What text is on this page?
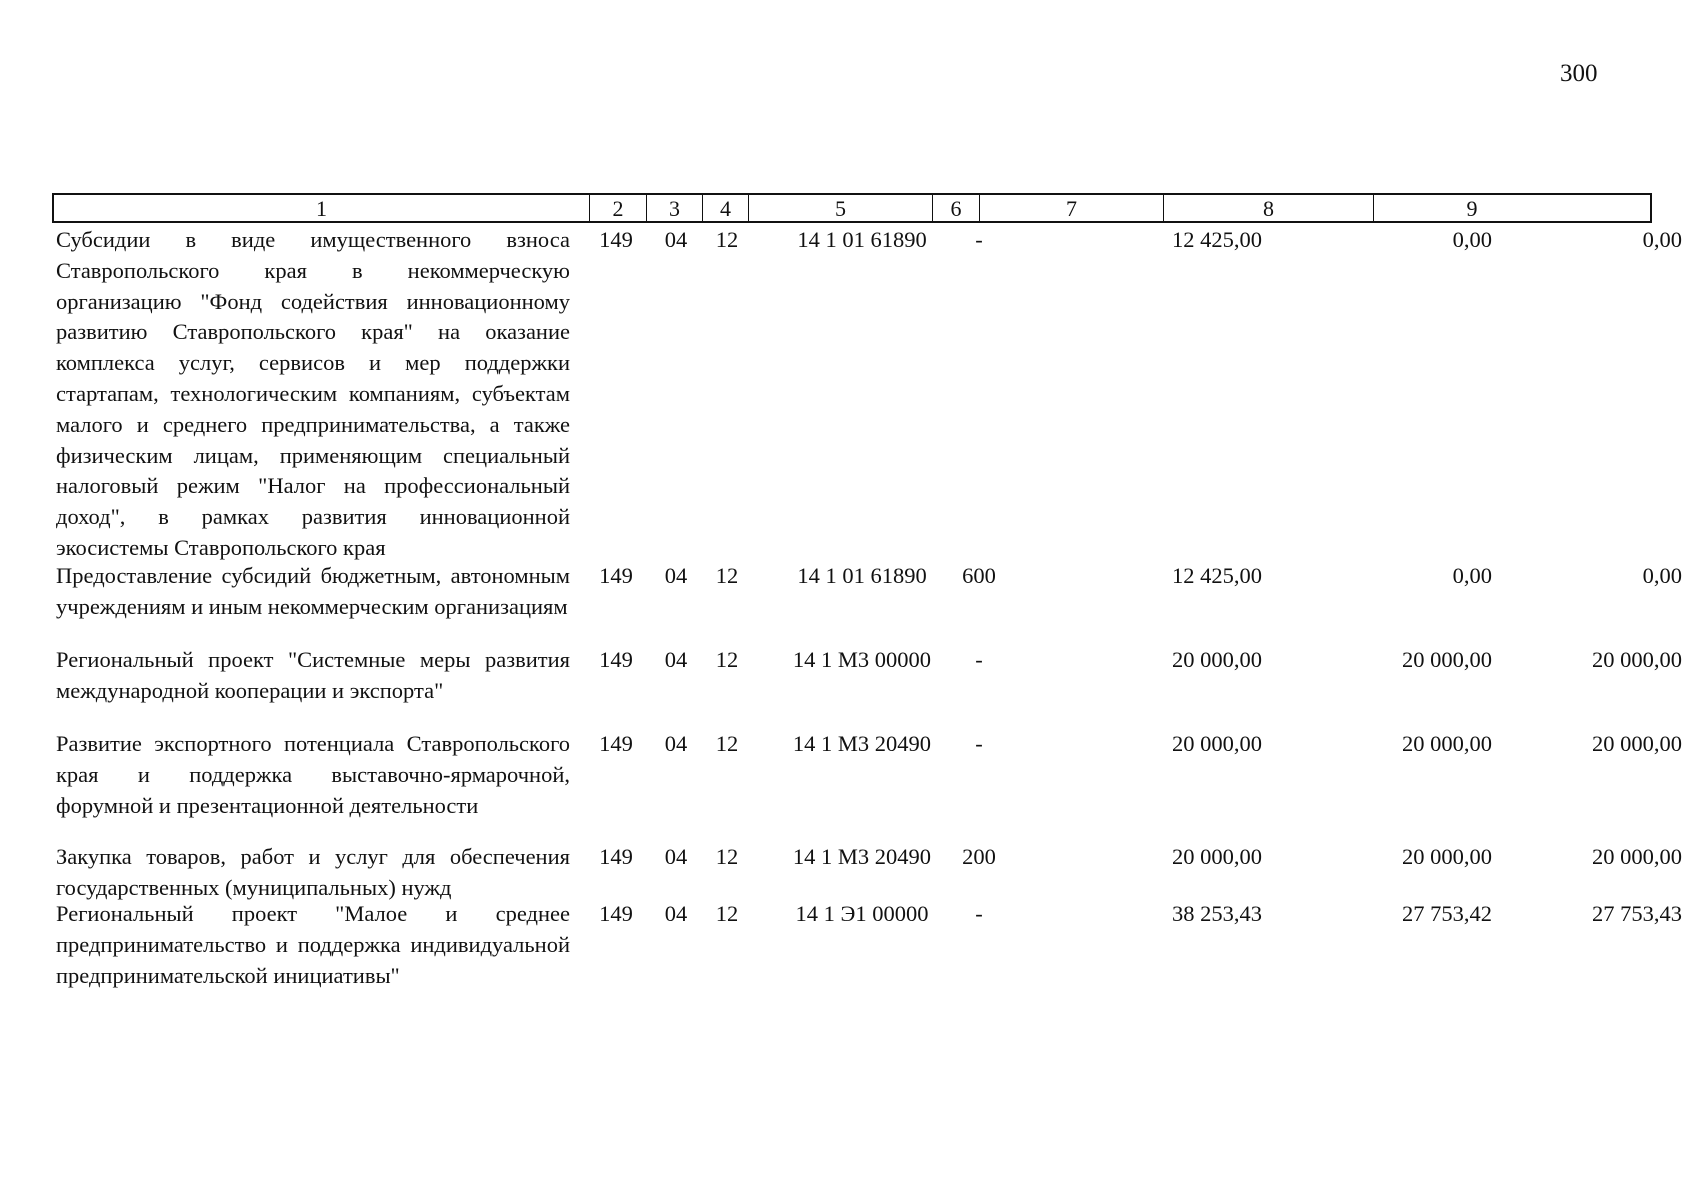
300
1	2	3	4	5	6	7	8	9
Субсидии в виде имущественного взноса Ставропольского края в некоммерческую организацию "Фонд содействия инновационному развитию Ставропольского края" на оказание комплекса услуг, сервисов и мер поддержки стартапам, технологическим компаниям, субъектам малого и среднего предпринимательства, а также физическим лицам, применяющим специальный налоговый режим "Налог на профессиональный доход", в рамках развития инновационной экосистемы Ставропольского края
149	04	12	14 1 01 61890	-	12 425,00	0,00	0,00
Предоставление субсидий бюджетным, автономным учреждениям и иным некоммерческим организациям
149	04	12	14 1 01 61890	600	12 425,00	0,00	0,00
Региональный проект "Системные меры развития международной кооперации и экспорта"
149	04	12	14 1 М3 00000	-	20 000,00	20 000,00	20 000,00
Развитие экспортного потенциала Ставропольского края и поддержка выставочно-ярмарочной, форумной и презентационной деятельности
149	04	12	14 1 М3 20490	-	20 000,00	20 000,00	20 000,00
Закупка товаров, работ и услуг для обеспечения государственных (муниципальных) нужд
149	04	12	14 1 М3 20490	200	20 000,00	20 000,00	20 000,00
Региональный проект "Малое и среднее предпринимательство и поддержка индивидуальной предпринимательской инициативы"
149	04	12	14 1 Э1 00000	-	38 253,43	27 753,42	27 753,43
